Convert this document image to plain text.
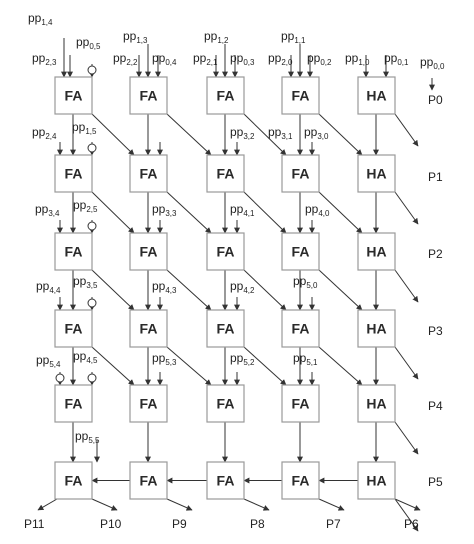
FA	FA	FA	FA	HA
FA	FA	FA	FA	HA
FA	FA	FA	FA	HA
FA	FA	FA	FA	HA
FA	FA	FA	FA	HA
FA	FA	FA	FA	HA
$pp_{1,4}$
$pp_{1,3}$	$pp_{1,2}$	$pp_{1,1}$
$pp_{0,5}$
$pp_{2,3}$	$pp_{2,2}$ $pp_{0,4}$ $pp_{2,1}$ $pp_{0,3}$ $pp_{2,0}$ $pp_{0,2}$ $pp_{1,0}$ $pp_{0,1}$ $pp_{0,0}$
$pp_{2,4}$
$pp_{1,5}$	$pp_{3,2}$ $pp_{3,1}$ $pp_{3,0}$
$pp_{3,4}$
$pp_{2,5}$	$pp_{3,3}$	$pp_{4,1}$	$pp_{4,0}$
$pp_{4,4}$
$pp_{3,5}$	$pp_{4,3}$	$pp_{4,2}$
$pp_{5,0}$
$pp_{5,4}$
$pp_{4,5}$	$pp_{5,3}$	$pp_{5,2}$	$pp_{5,1}$
$pp_{5,5}$
P0
P1
P2
P3
P4
P5
P6
P7
P8
P9
P10
P11
